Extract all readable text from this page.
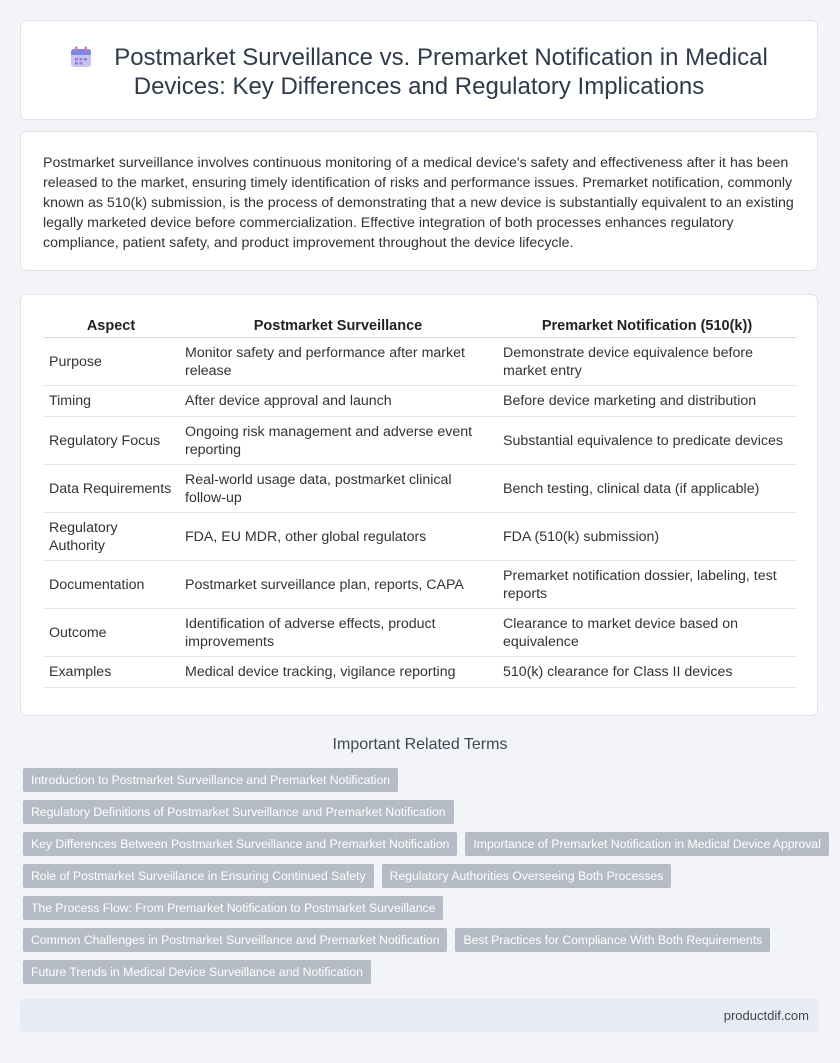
Postmarket Surveillance vs. Premarket Notification in Medical Devices: Key Differences and Regulatory Implications

Postmarket surveillance involves continuous monitoring of a medical device's safety and effectiveness after it has been released to the market, ensuring timely identification of risks and performance issues. Premarket notification, commonly known as 510(k) submission, is the process of demonstrating that a new device is substantially equivalent to an existing legally marketed device before commercialization. Effective integration of both processes enhances regulatory compliance, patient safety, and product improvement throughout the device lifecycle.

Aspect	Postmarket Surveillance	Premarket Notification (510(k))
Purpose	Monitor safety and performance after market release	Demonstrate device equivalence before market entry
Timing	After device approval and launch	Before device marketing and distribution
Regulatory Focus	Ongoing risk management and adverse event reporting	Substantial equivalence to predicate devices
Data Requirements	Real-world usage data, postmarket clinical follow-up	Bench testing, clinical data (if applicable)
Regulatory Authority	FDA, EU MDR, other global regulators	FDA (510(k) submission)
Documentation	Postmarket surveillance plan, reports, CAPA	Premarket notification dossier, labeling, test reports
Outcome	Identification of adverse effects, product improvements	Clearance to market device based on equivalence
Examples	Medical device tracking, vigilance reporting	510(k) clearance for Class II devices
Important Related Terms
Introduction to Postmarket Surveillance and Premarket Notification
Regulatory Definitions of Postmarket Surveillance and Premarket Notification
Key Differences Between Postmarket Surveillance and Premarket Notification	Importance of Premarket Notification in Medical Device Approval
Role of Postmarket Surveillance in Ensuring Continued Safety	Regulatory Authorities Overseeing Both Processes
The Process Flow: From Premarket Notification to Postmarket Surveillance
Common Challenges in Postmarket Surveillance and Premarket Notification	Best Practices for Compliance With Both Requirements
Future Trends in Medical Device Surveillance and Notification
productdif.com
